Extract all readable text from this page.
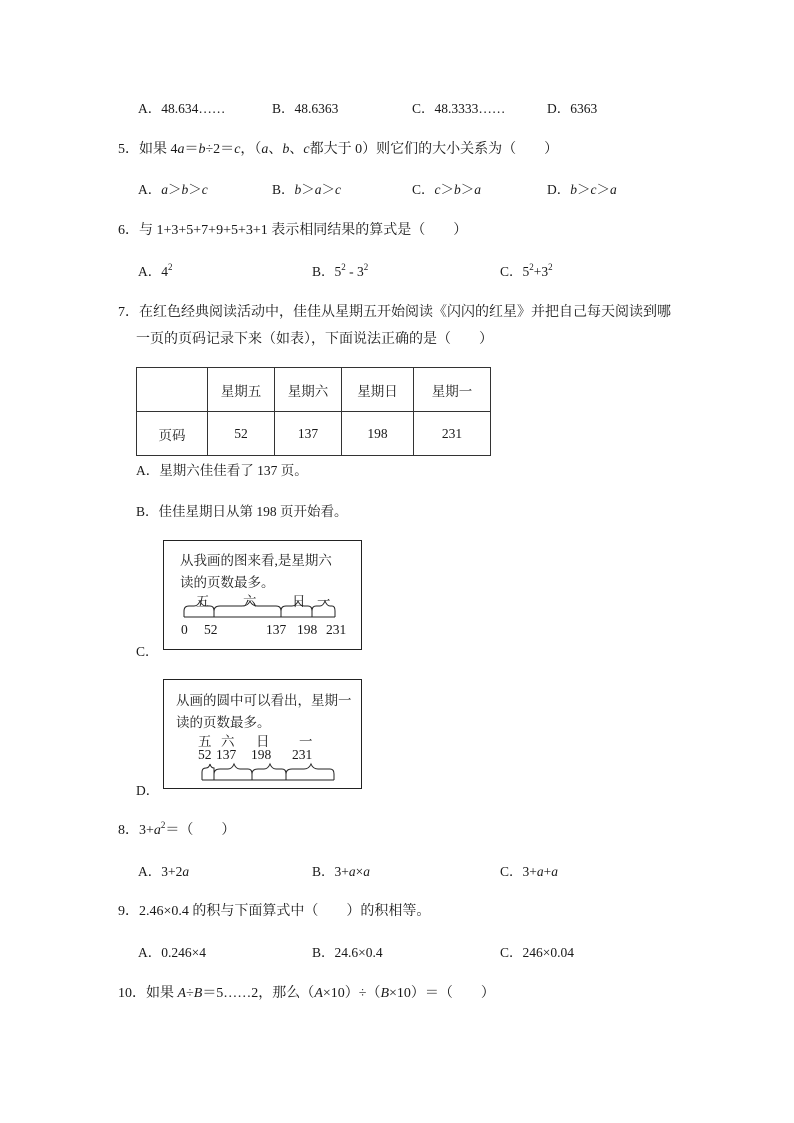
A．48.634……	B．48.6363	C．48.3333……	D．6363
5．如果 4a＝b÷2＝c，（a、b、c都大于 0）则它们的大小关系为（　　）
A．a＞b＞c	B．b＞a＞c	C．c＞b＞a	D．b＞c＞a
6．与 1+3+5+7+9+5+3+1 表示相同结果的算式是（　　）
A．$4^2$	B．$5^2 - 3^2$	C．$5^2+3^2$
7．在红色经典阅读活动中，佳佳从星期五开始阅读《闪闪的红星》并把自己每天阅读到哪
一页的页码记录下来（如表），下面说法正确的是（　　）
	星期五	星期六	星期日	星期一
页码	52	137	198	231
A．星期六佳佳看了 137 页。
B．佳佳星期日从第 198 页开始看。
C．
从我画的图来看,是星期六
读的页数最多。
五 六	日 一
0 52	137 198 231
D．
从画的圆中可以看出，星期一
读的页数最多。
五 六 日 一
52 137 198 231
8．$3+a^2=$（　　）
A．3+2a	B．3+a×a	C．3+a+a
9．2.46×0.4 的积与下面算式中（　　）的积相等。
A．0.246×4	B．24.6×0.4	C．246×0.04
10．如果 A÷B＝5……2，那么（A×10）÷（B×10）＝（　　）
